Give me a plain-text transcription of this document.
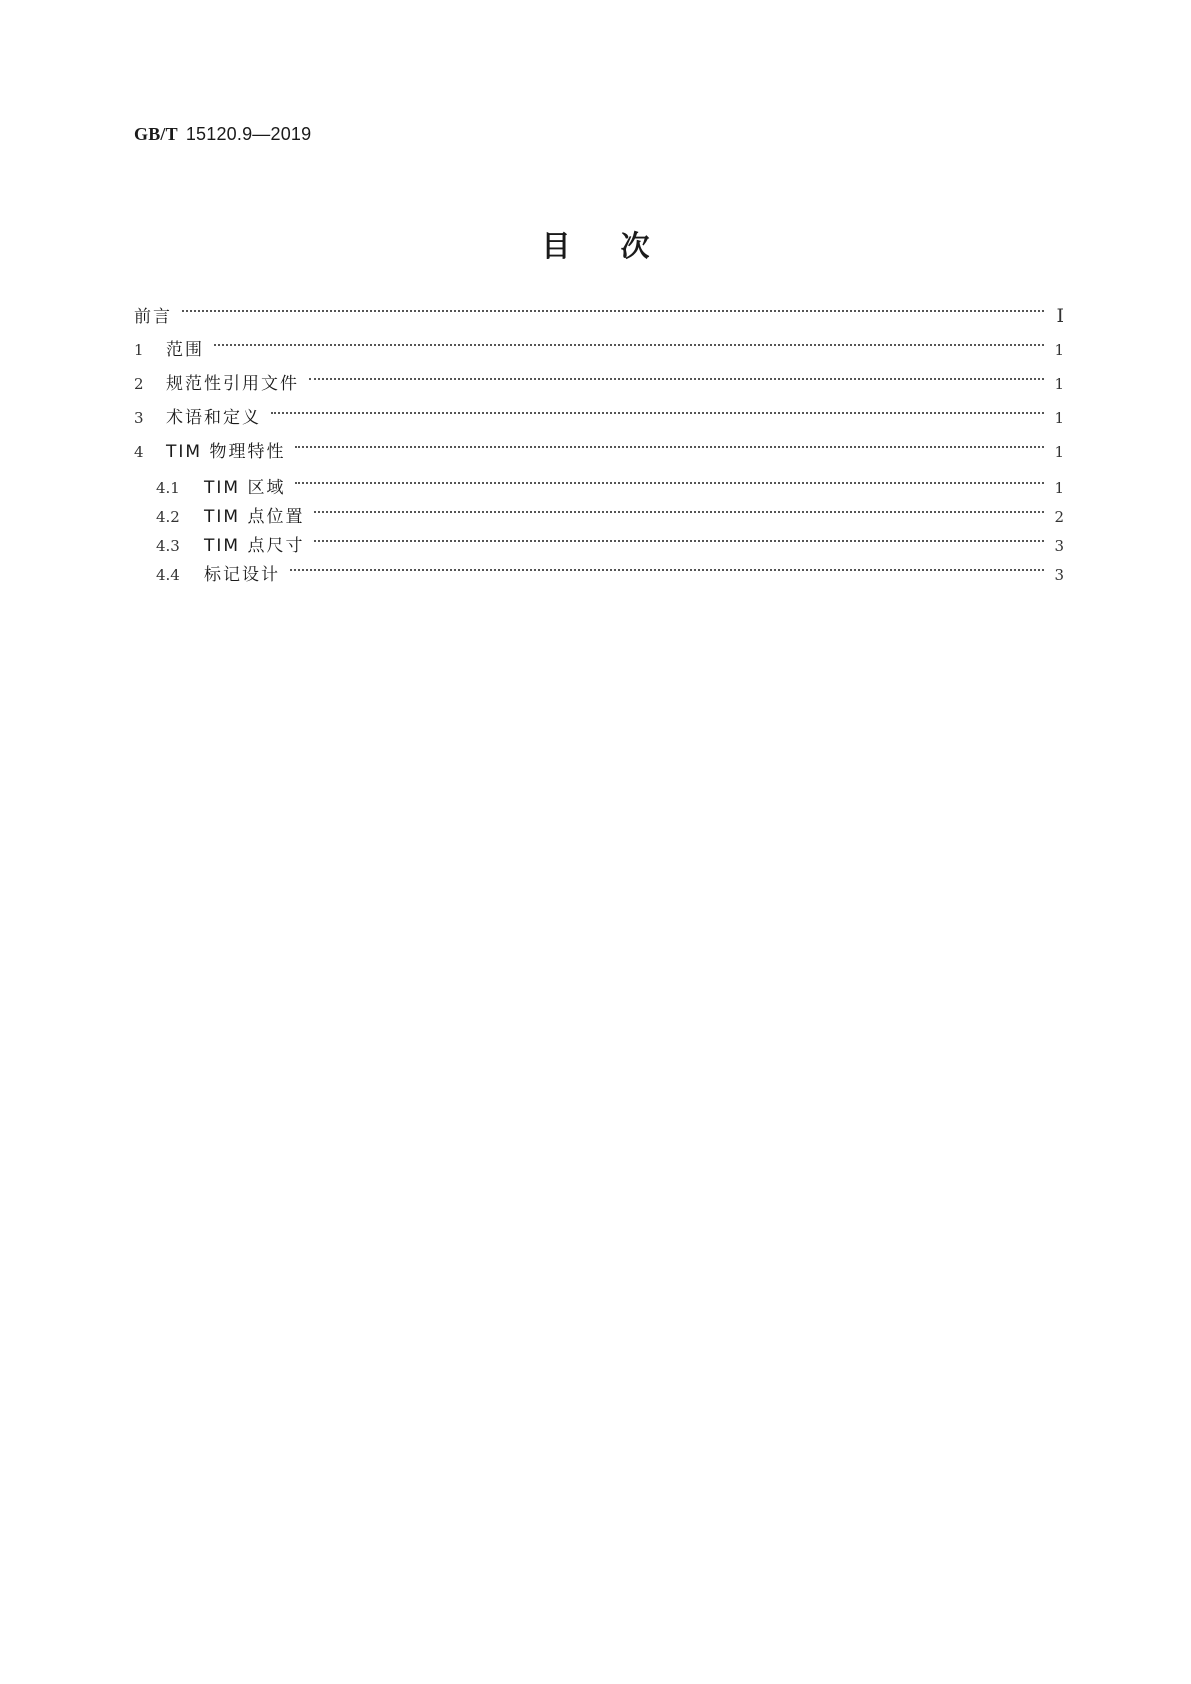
GB/T 15120.9—2019
目次
前言	Ⅰ
1	范围	1
2	规范性引用文件	1
3	术语和定义	1
4	TIM 物理特性	1
4.1	TIM 区域	1
4.2	TIM 点位置	2
4.3	TIM 点尺寸	3
4.4	标记设计	3
